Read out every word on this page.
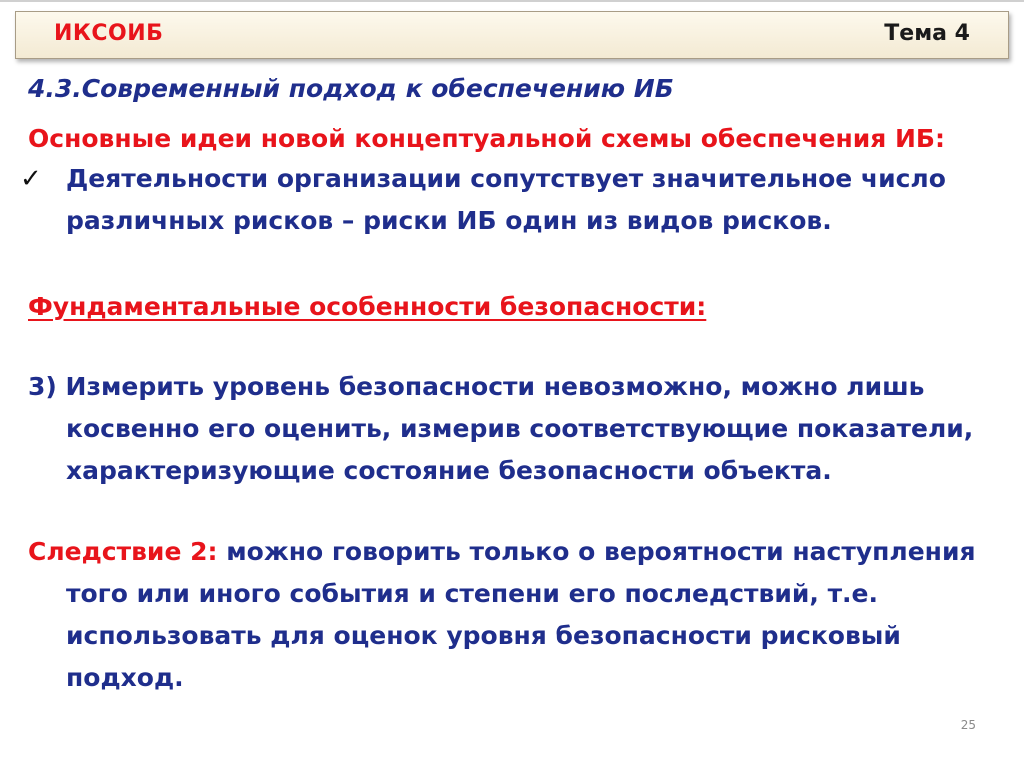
ИКСОИБ	Тема 4
4.3.Современный подход к обеспечению ИБ
Основные идеи новой концептуальной схемы обеспечения ИБ:
✓ Деятельности организации сопутствует значительное число
различных рисков – риски ИБ один из видов рисков.
Фундаментальные особенности безопасности:
3) Измерить уровень безопасности невозможно, можно лишь
косвенно его оценить, измерив соответствующие показатели,
характеризующие состояние безопасности объекта.
Следствие 2: можно говорить только о вероятности наступления
того или иного события и степени его последствий, т.е.
использовать для оценок уровня безопасности рисковый
подход.
25
